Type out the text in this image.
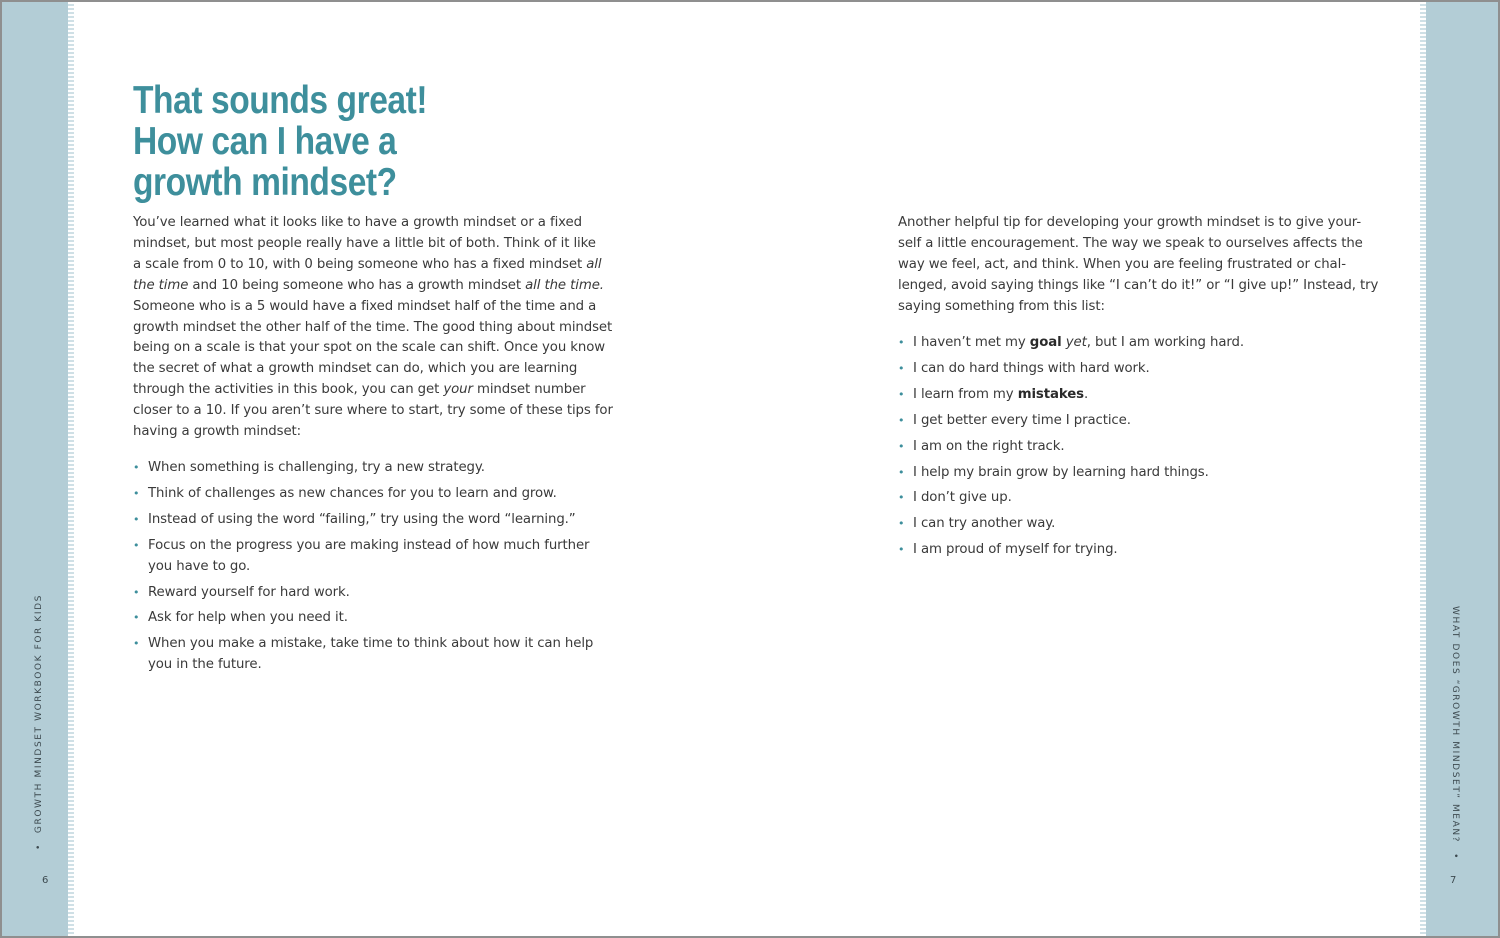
•GROWTH MINDSET WORKBOOK FOR KIDS
6
WHAT DOES “GROWTH MINDSET” MEAN?•
7
That sounds great!
How can I have a
growth mindset?

You’ve learned what it looks like to have a growth mindset or a fixed
mindset, but most people really have a little bit of both. Think of it like
a scale from 0 to 10, with 0 being someone who has a fixed mindset all
the time and 10 being someone who has a growth mindset all the time.
Someone who is a 5 would have a fixed mindset half of the time and a
growth mindset the other half of the time. The good thing about mindset
being on a scale is that your spot on the scale can shift. Once you know
the secret of what a growth mindset can do, which you are learning
through the activities in this book, you can get your mindset number
closer to a 10. If you aren’t sure where to start, try some of these tips for
having a growth mindset:

• When something is challenging, try a new strategy.
• Think of challenges as new chances for you to learn and grow.
• Instead of using the word “failing,” try using the word “learning.”
• Focus on the progress you are making instead of how much further
you have to go.
• Reward yourself for hard work.
• Ask for help when you need it.
• When you make a mistake, take time to think about how it can help
you in the future.

Another helpful tip for developing your growth mindset is to give your-
self a little encouragement. The way we speak to ourselves affects the
way we feel, act, and think. When you are feeling frustrated or chal-
lenged, avoid saying things like “I can’t do it!” or “I give up!” Instead, try
saying something from this list:

• I haven’t met my goal yet, but I am working hard.
• I can do hard things with hard work.
• I learn from my mistakes.
• I get better every time I practice.
• I am on the right track.
• I help my brain grow by learning hard things.
• I don’t give up.
• I can try another way.
• I am proud of myself for trying.
